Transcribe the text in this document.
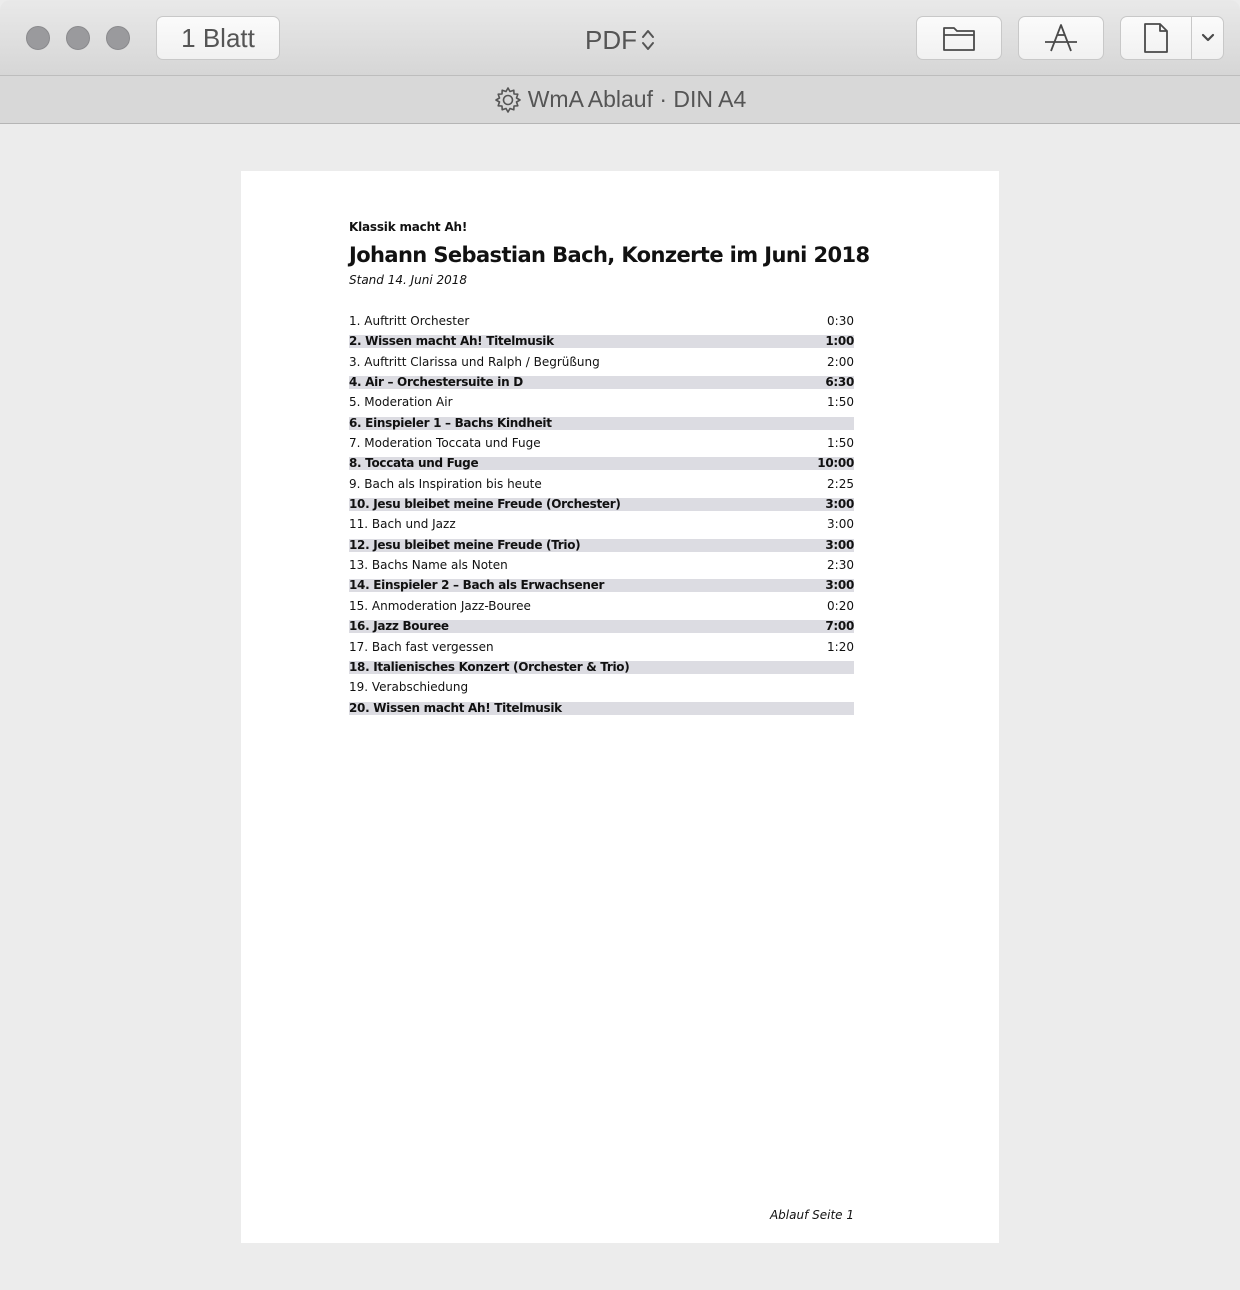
1 Blatt	PDF
WmA Ablauf · DIN A4
Klassik macht Ah!
Johann Sebastian Bach, Konzerte im Juni 2018
Stand 14. Juni 2018
1. Auftritt Orchester	0:30
2. Wissen macht Ah! Titelmusik	1:00
3. Auftritt Clarissa und Ralph / Begrüßung	2:00
4. Air – Orchestersuite in D	6:30
5. Moderation Air	1:50
6. Einspieler 1 – Bachs Kindheit
7. Moderation Toccata und Fuge	1:50
8. Toccata und Fuge	10:00
9. Bach als Inspiration bis heute	2:25
10. Jesu bleibet meine Freude (Orchester)	3:00
11. Bach und Jazz	3:00
12. Jesu bleibet meine Freude (Trio)	3:00
13. Bachs Name als Noten	2:30
14. Einspieler 2 – Bach als Erwachsener	3:00
15. Anmoderation Jazz-Bouree	0:20
16. Jazz Bouree	7:00
17. Bach fast vergessen	1:20
18. Italienisches Konzert (Orchester & Trio)
19. Verabschiedung
20. Wissen macht Ah! Titelmusik
Ablauf Seite 1
